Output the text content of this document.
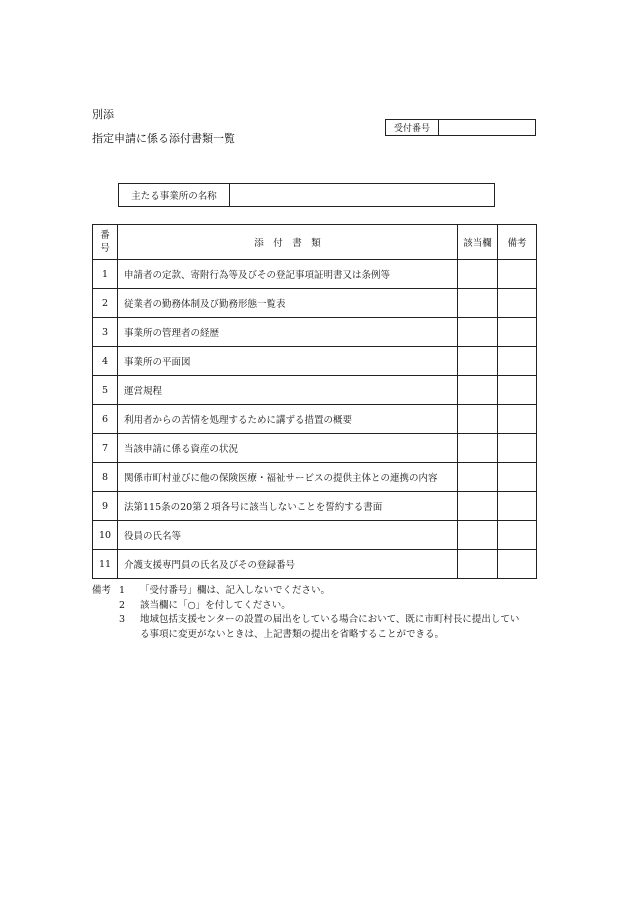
別添
指定申請に係る添付書類一覧
受付番号
主たる事業所の名称
番
号	添　付　書　類	該当欄	備考
1	申請者の定款、寄附行為等及びその登記事項証明書又は条例等		
2	従業者の勤務体制及び勤務形態一覧表		
3	事業所の管理者の経歴		
4	事業所の平面図		
5	運営規程		
6	利用者からの苦情を処理するために講ずる措置の概要		
7	当該申請に係る資産の状況		
8	関係市町村並びに他の保険医療・福祉サービスの提供主体との連携の内容		
9	法第115条の20第２項各号に該当しないことを誓約する書面		
10	役員の氏名等		
11	介護支援専門員の氏名及びその登録番号		
備考 1	「受付番号」欄は、記入しないでください。
2	該当欄に「○」を付してください。
3	地域包括支援センターの設置の届出をしている場合において、既に市町村長に提出してい
る事項に変更がないときは、上記書類の提出を省略することができる。
